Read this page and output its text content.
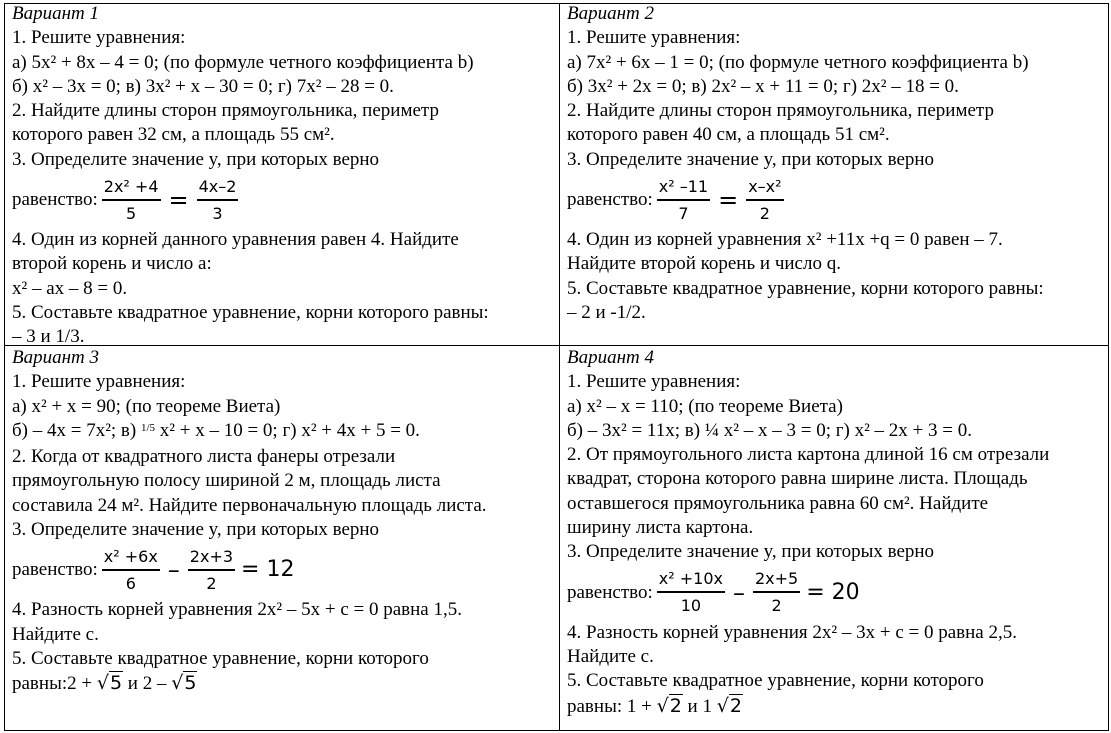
Вариант 1
1. Решите уравнения:
а) 5x² + 8x – 4 = 0; (по формуле четного коэффициента b)
б) x² – 3x = 0; в) 3x² + x – 30 = 0; г) 7x² – 28 = 0.
2. Найдите длины сторон прямоугольника, периметр
которого равен 32 см, а площадь 55 см².
3. Определите значение y, при которых верно
равенство: $\frac{\text{2x² +4}}{5} = \frac{4x-2}{3}$
4. Один из корней данного уравнения равен 4. Найдите
второй корень и число a:
x² – ax – 8 = 0.
5. Составьте квадратное уравнение, корни которого равны:
– 3 и 1/3.
Вариант 2
1. Решите уравнения:
а) 7x² + 6x – 1 = 0; (по формуле четного коэффициента b)
б) 3x² + 2x = 0; в) 2x² – x + 11 = 0; г) 2x² – 18 = 0.
2. Найдите длины сторон прямоугольника, периметр
которого равен 40 см, а площадь 51 см².
3. Определите значение y, при которых верно
равенство: $\frac{\text{x² –11}}{7} = \frac{\text{x–x²}}{2}$
4. Один из корней уравнения x² +11x +q = 0 равен – 7.
Найдите второй корень и число q.
5. Составьте квадратное уравнение, корни которого равны:
– 2 и -1/2.
Вариант 3
1. Решите уравнения:
а) x² + x = 90; (по теореме Виета)
б) – 4x = 7x²; в) $^{1/5}$ x² + x – 10 = 0; г) x² + 4x + 5 = 0.
2. Когда от квадратного листа фанеры отрезали
прямоугольную полосу шириной 2 м, площадь листа
составила 24 м². Найдите первоначальную площадь листа.
3. Определите значение y, при которых верно
равенство: $\frac{\text{x² +6x}}{6} - \frac{2x+3}{2} = 12$
4. Разность корней уравнения 2x² – 5x + c = 0 равна 1,5.
Найдите c.
5. Составьте квадратное уравнение, корни которого
равны:2 + √5 и 2 – √5
Вариант 4
1. Решите уравнения:
а) x² – x = 110; (по теореме Виета)
б) – 3x² = 11x; в) ¼ x² – x – 3 = 0; г) x² – 2x + 3 = 0.
2. От прямоугольного листа картона длиной 16 см отрезали
квадрат, сторона которого равна ширине листа. Площадь
оставшегося прямоугольника равна 60 см². Найдите
ширину листа картона.
3. Определите значение y, при которых верно
равенство: $\frac{\text{x² +10x}}{10} - \frac{2x+5}{2} = 20$
4. Разность корней уравнения 2x² – 3x + c = 0 равна 2,5.
Найдите c.
5. Составьте квадратное уравнение, корни которого
равны: 1 + √2 и 1 √2
